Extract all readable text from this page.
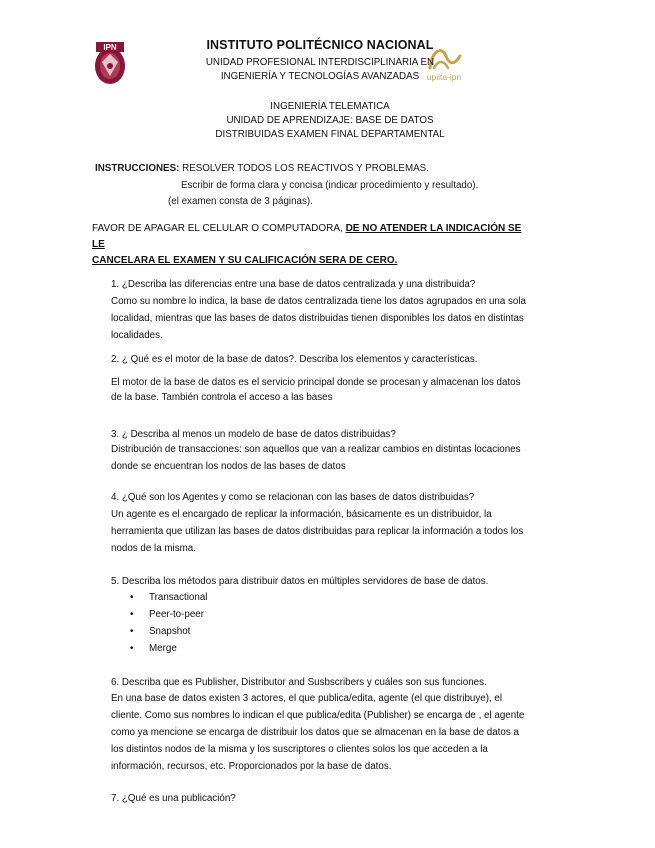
IPN
upiita-ipn
INSTITUTO POLITÉCNICO NACIONAL
UNIDAD PROFESIONAL INTERDISCIPLINARIA EN
INGENIERÍA Y TECNOLOGÍAS AVANZADAS
INGENIERÍA TELEMATICA
UNIDAD DE APRENDIZAJE: BASE DE DATOS
DISTRIBUIDAS EXAMEN FINAL DEPARTAMENTAL
INSTRUCCIONES: RESOLVER TODOS LOS REACTIVOS Y PROBLEMAS.
Escribir de forma clara y concisa (indicar procedimiento y resultado).
(el examen consta de 3 páginas).
FAVOR DE APAGAR EL CELULAR O COMPUTADORA, DE NO ATENDER LA INDICACIÓN SE LE
CANCELARA EL EXAMEN Y SU CALIFICACIÓN SERA DE CERO.
1. ¿Describa las diferencias entre una base de datos centralizada y una distribuida?
Como su nombre lo indica, la base de datos centralizada tiene los datos agrupados en una sola
localidad, mientras que las bases de datos distribuidas tienen disponibles los datos en distintas
localidades.
2. ¿ Qué es el motor de la base de datos?. Describa los elementos y características.
El motor de la base de datos es el servicio principal donde se procesan y almacenan los datos
de la base. También controla el acceso a las bases
3. ¿ Describa al menos un modelo de base de datos distribuidas?
Distribución de transacciones: son aquellos que van a realizar cambios en distintas locaciones
donde se encuentran los nodos de las bases de datos
4. ¿Qué son los Agentes y como se relacionan con las bases de datos distribuidas?
Un agente es el encargado de replicar la información, básicamente es un distribuidor, la
herramienta que utilizan las bases de datos distribuidas para replicar la información a todos los
nodos de la misma.
5. Describa los métodos para distribuir datos en múltiples servidores de base de datos.
• Transactional
• Peer-to-peer
• Snapshot
• Merge
6. Describa que es Publisher, Distributor and Susbscribers y cuáles son sus funciones.
En una base de datos existen 3 actores, el que publica/edita, agente (el que distribuye), el
cliente. Como sus nombres lo indican el que publica/edita (Publisher) se encarga de , el agente
como ya mencione se encarga de distribuir los datos que se almacenan en la base de datos a
los distintos nodos de la misma y los suscriptores o clientes solos los que acceden a la
información, recursos, etc. Proporcionados por la base de datos.
7. ¿Qué es una publicación?
